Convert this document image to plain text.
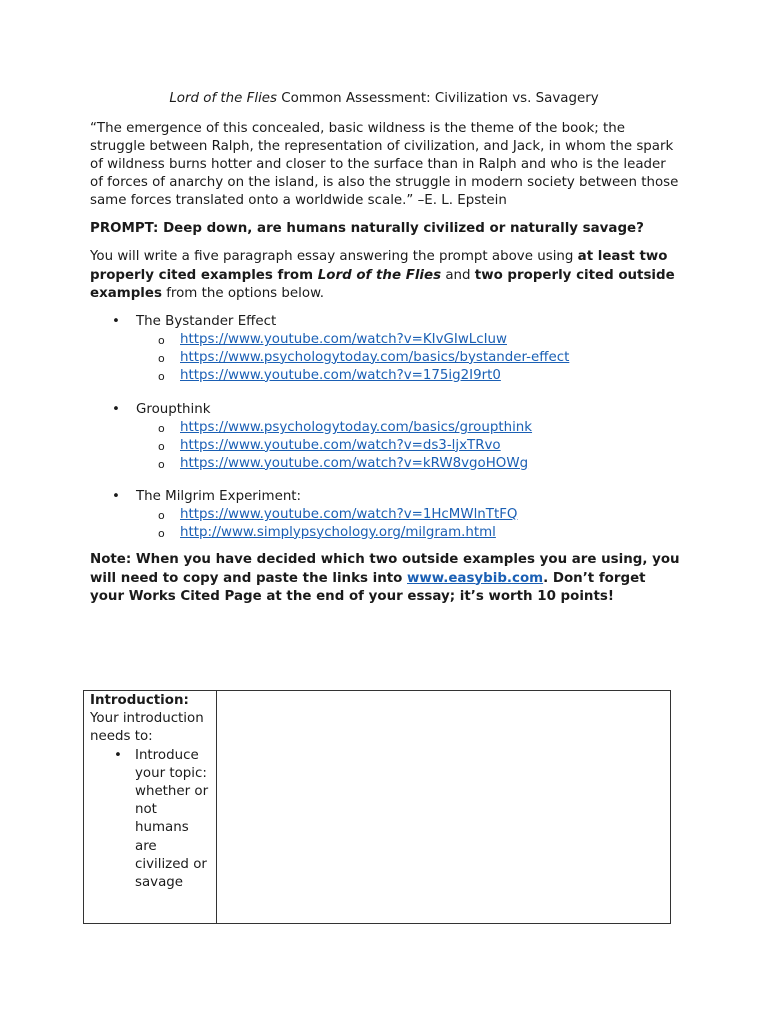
Lord of the Flies Common Assessment: Civilization vs. Savagery
“The emergence of this concealed, basic wildness is the theme of the book; the struggle between Ralph, the representation of civilization, and Jack, in whom the spark of wildness burns hotter and closer to the surface than in Ralph and who is the leader of forces of anarchy on the island, is also the struggle in modern society between those same forces translated onto a worldwide scale.” –E. L. Epstein
PROMPT: Deep down, are humans naturally civilized or naturally savage?
You will write a five paragraph essay answering the prompt above using at least two properly cited examples from Lord of the Flies and two properly cited outside examples from the options below.
• The Bystander Effect
o https://www.youtube.com/watch?v=KIvGIwLcIuw
o https://www.psychologytoday.com/basics/bystander-effect
o https://www.youtube.com/watch?v=175ig2I9rt0
• Groupthink
o https://www.psychologytoday.com/basics/groupthink
o https://www.youtube.com/watch?v=ds3-ljxTRvo
o https://www.youtube.com/watch?v=kRW8vgoHOWg
• The Milgrim Experiment:
o https://www.youtube.com/watch?v=1HcMWlnTtFQ
o http://www.simplypsychology.org/milgram.html
Note: When you have decided which two outside examples you are using, you will need to copy and paste the links into www.easybib.com. Don’t forget your Works Cited Page at the end of your essay; it’s worth 10 points!
Introduction:
Your introduction needs to:
• Introduce your topic: whether or not humans are civilized or savage
